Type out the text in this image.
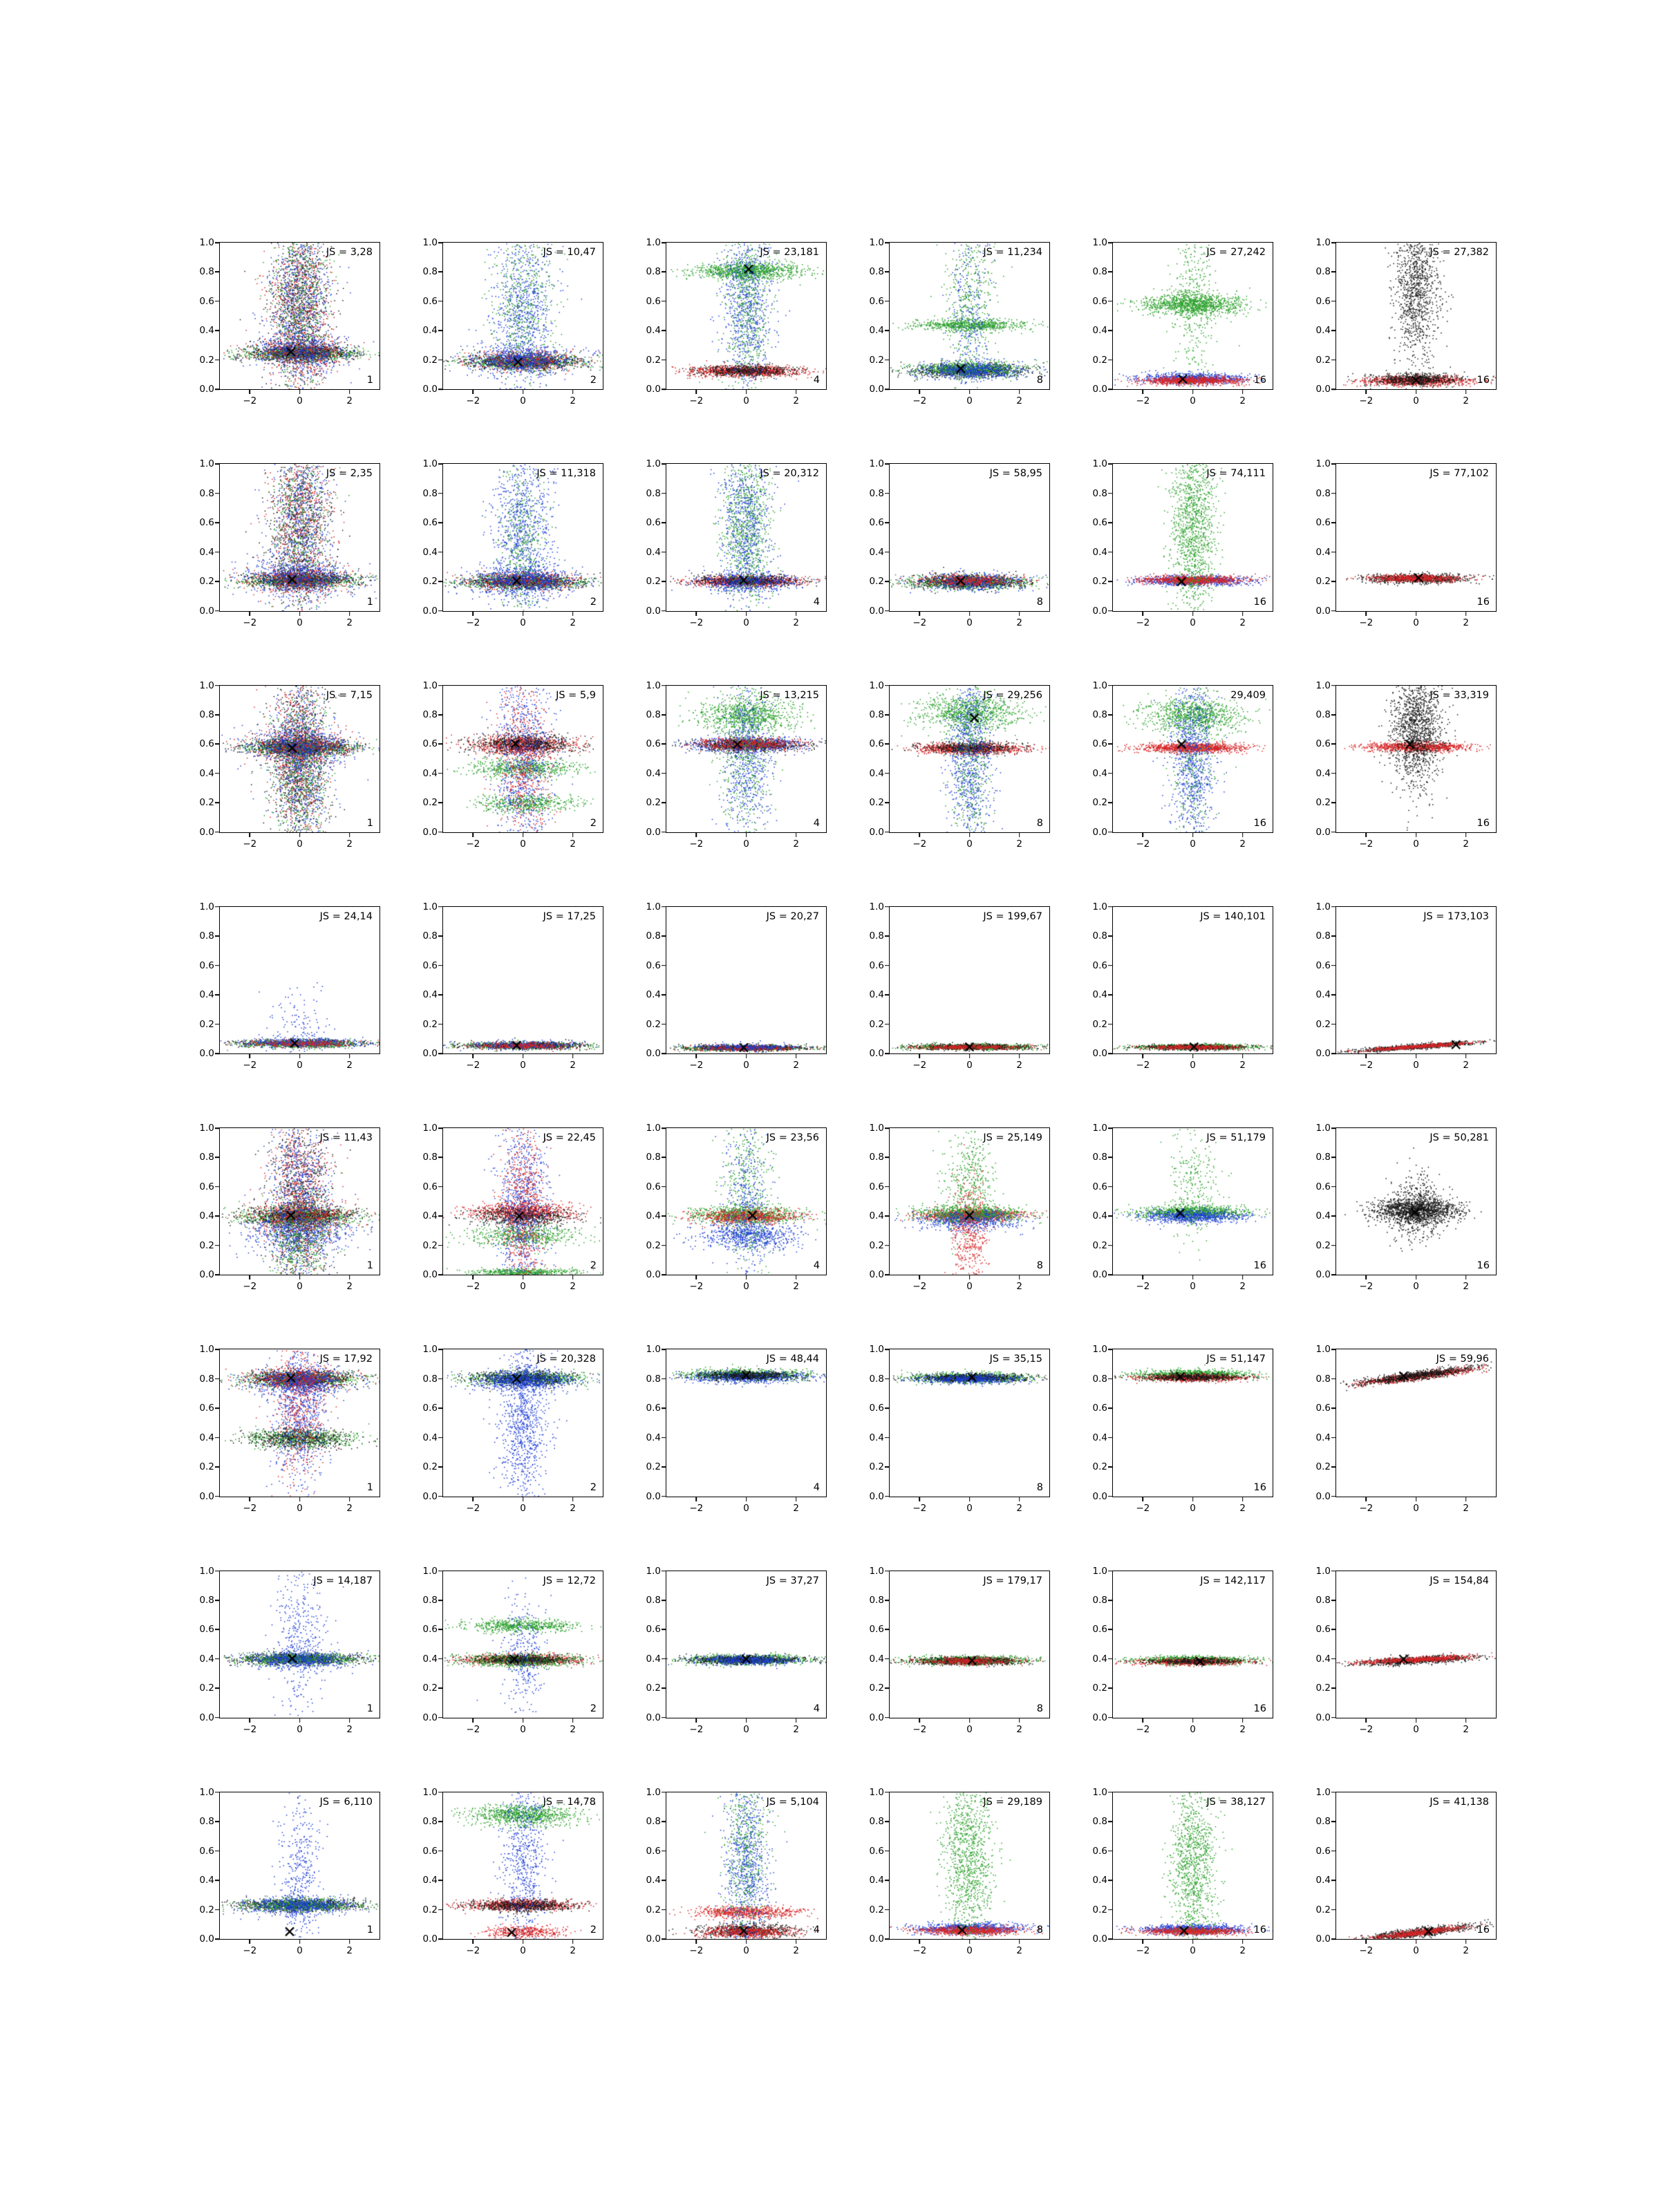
0.0
0.2
0.4
0.6
0.8
1.0
−2	0	2
JS = 3,28
1
0.0
0.2
0.4
0.6
0.8
1.0
−2	0	2
JS = 10,47
2
0.0
0.2
0.4
0.6
0.8
1.0
−2	0	2
JS = 23,181
4
0.0
0.2
0.4
0.6
0.8
1.0
−2	0	2
JS = 11,234
8
0.0
0.2
0.4
0.6
0.8
1.0
−2	0	2
JS = 27,242
16
0.0
0.2
0.4
0.6
0.8
1.0
−2	0	2
JS = 27,382
16
0.0
0.2
0.4
0.6
0.8
1.0
−2	0	2
JS = 2,35
1
0.0
0.2
0.4
0.6
0.8
1.0
−2	0	2
JS = 11,318
2
0.0
0.2
0.4
0.6
0.8
1.0
−2	0	2
JS = 20,312
4
0.0
0.2
0.4
0.6
0.8
1.0
−2	0	2
JS = 58,95
8
0.0
0.2
0.4
0.6
0.8
1.0
−2	0	2
JS = 74,111
16
0.0
0.2
0.4
0.6
0.8
1.0
−2	0	2
JS = 77,102
16
0.0
0.2
0.4
0.6
0.8
1.0
−2	0	2
JS = 7,15
1
0.0
0.2
0.4
0.6
0.8
1.0
−2	0	2
JS = 5,9
2
0.0
0.2
0.4
0.6
0.8
1.0
−2	0	2
JS = 13,215
4
0.0
0.2
0.4
0.6
0.8
1.0
−2	0	2
JS = 29,256
8
0.0
0.2
0.4
0.6
0.8
1.0
−2	0	2
29,409
16
0.0
0.2
0.4
0.6
0.8
1.0
−2	0	2
JS = 33,319
16
0.0
0.2
0.4
0.6
0.8
1.0
−2	0	2
JS = 24,14
0.0
0.2
0.4
0.6
0.8
1.0
−2	0	2
JS = 17,25
0.0
0.2
0.4
0.6
0.8
1.0
−2	0	2
JS = 20,27
0.0
0.2
0.4
0.6
0.8
1.0
−2	0	2
JS = 199,67
0.0
0.2
0.4
0.6
0.8
1.0
−2	0	2
JS = 140,101
0.0
0.2
0.4
0.6
0.8
1.0
−2	0	2
JS = 173,103
0.0
0.2
0.4
0.6
0.8
1.0
−2	0	2
JS = 11,43
1
0.0
0.2
0.4
0.6
0.8
1.0
−2	0	2
JS = 22,45
2
0.0
0.2
0.4
0.6
0.8
1.0
−2	0	2
JS = 23,56
4
0.0
0.2
0.4
0.6
0.8
1.0
−2	0	2
JS = 25,149
8
0.0
0.2
0.4
0.6
0.8
1.0
−2	0	2
JS = 51,179
16
0.0
0.2
0.4
0.6
0.8
1.0
−2	0	2
JS = 50,281
16
0.0
0.2
0.4
0.6
0.8
1.0
−2	0	2
JS = 17,92
1
0.0
0.2
0.4
0.6
0.8
1.0
−2	0	2
JS = 20,328
2
0.0
0.2
0.4
0.6
0.8
1.0
−2	0	2
JS = 48,44
4
0.0
0.2
0.4
0.6
0.8
1.0
−2	0	2
JS = 35,15
8
0.0
0.2
0.4
0.6
0.8
1.0
−2	0	2
JS = 51,147
16
0.0
0.2
0.4
0.6
0.8
1.0
−2	0	2
JS = 59,96
0.0
0.2
0.4
0.6
0.8
1.0
−2	0	2
JS = 14,187
1
0.0
0.2
0.4
0.6
0.8
1.0
−2	0	2
JS = 12,72
2
0.0
0.2
0.4
0.6
0.8
1.0
−2	0	2
JS = 37,27
4
0.0
0.2
0.4
0.6
0.8
1.0
−2	0	2
JS = 179,17
8
0.0
0.2
0.4
0.6
0.8
1.0
−2	0	2
JS = 142,117
16
0.0
0.2
0.4
0.6
0.8
1.0
−2	0	2
JS = 154,84
0.0
0.2
0.4
0.6
0.8
1.0
−2	0	2
JS = 6,110
1
0.0
0.2
0.4
0.6
0.8
1.0
−2	0	2
JS = 14,78
2
0.0
0.2
0.4
0.6
0.8
1.0
−2	0	2
JS = 5,104
4
0.0
0.2
0.4
0.6
0.8
1.0
−2	0	2
JS = 29,189
8
0.0
0.2
0.4
0.6
0.8
1.0
−2	0	2
JS = 38,127
16
0.0
0.2
0.4
0.6
0.8
1.0
−2	0	2
JS = 41,138
16
